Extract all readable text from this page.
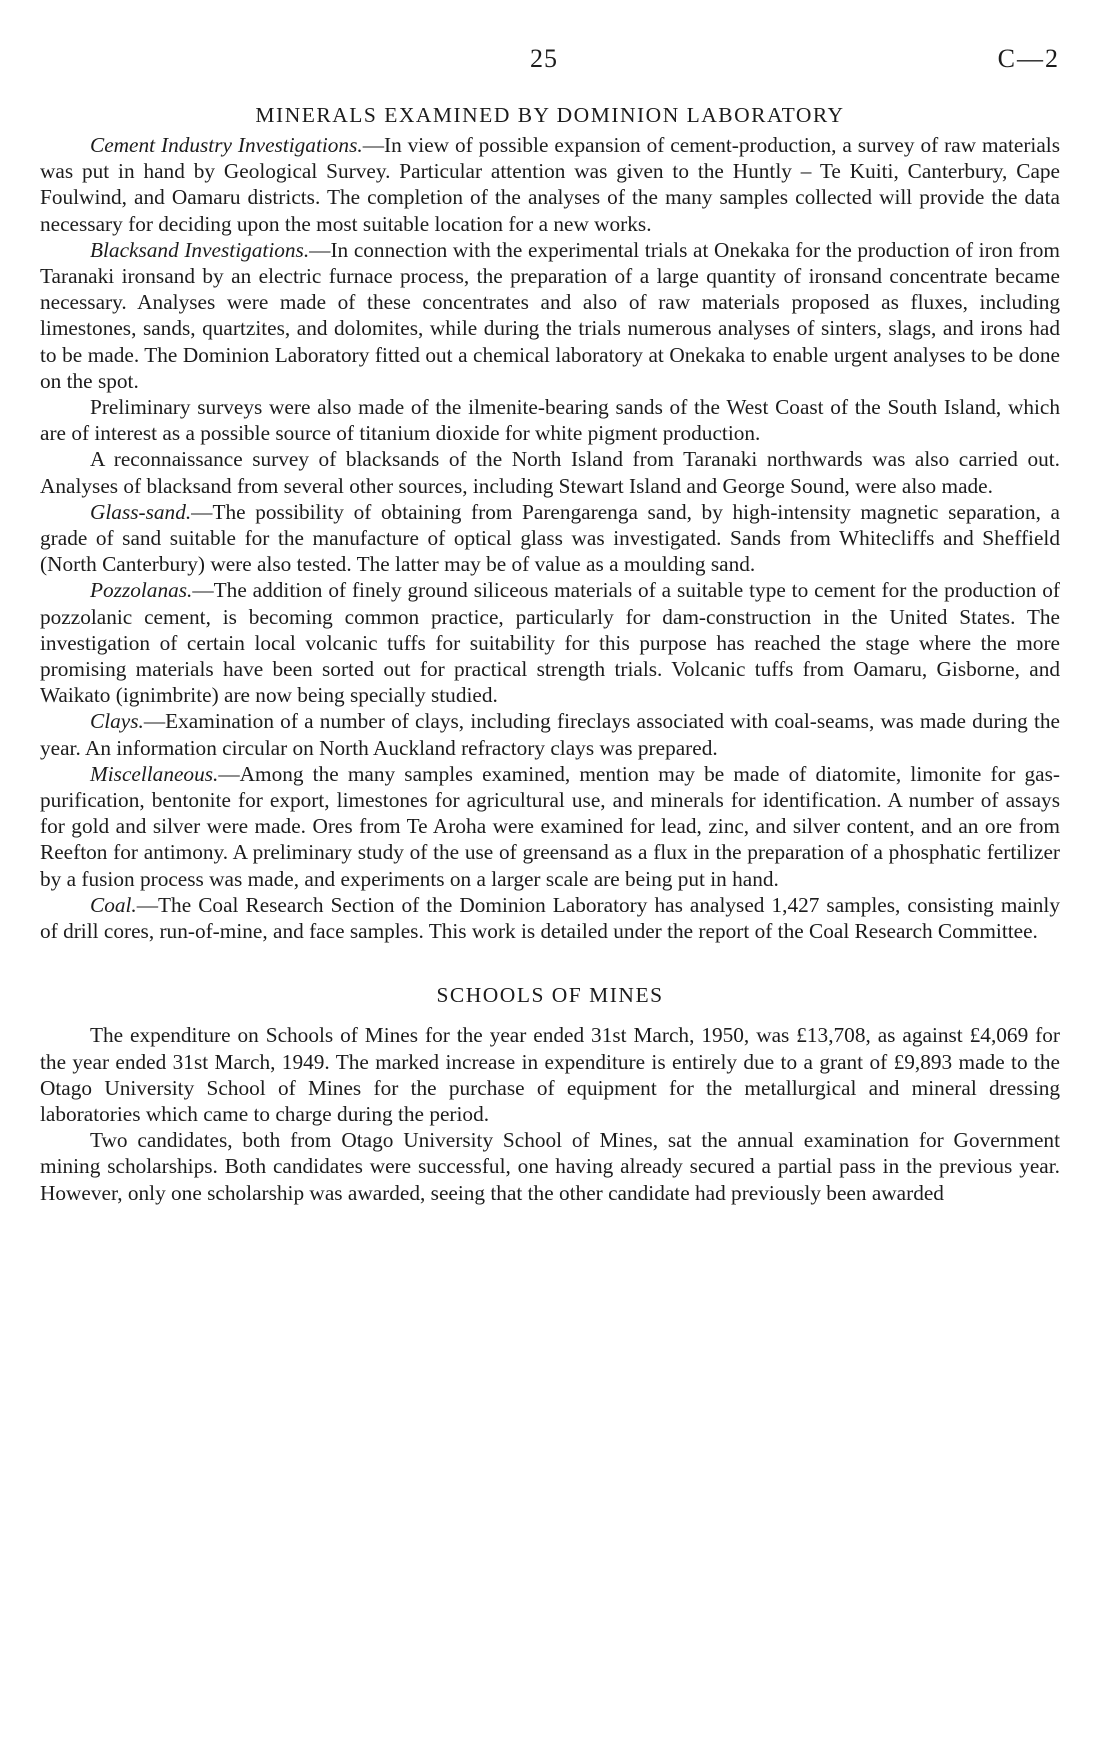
25	C—2
MINERALS EXAMINED BY DOMINION LABORATORY

Cement Industry Investigations.—In view of possible expansion of cement-production, a survey of raw materials was put in hand by Geological Survey. Particular attention was given to the Huntly – Te Kuiti, Canterbury, Cape Foulwind, and Oamaru districts. The completion of the analyses of the many samples collected will provide the data necessary for deciding upon the most suitable location for a new works.

Blacksand Investigations.—In connection with the experimental trials at Onekaka for the production of iron from Taranaki ironsand by an electric furnace process, the preparation of a large quantity of ironsand concentrate became necessary. Analyses were made of these concentrates and also of raw materials proposed as fluxes, including limestones, sands, quartzites, and dolomites, while during the trials numerous analyses of sinters, slags, and irons had to be made. The Dominion Laboratory fitted out a chemical laboratory at Onekaka to enable urgent analyses to be done on the spot.

Preliminary surveys were also made of the ilmenite-bearing sands of the West Coast of the South Island, which are of interest as a possible source of titanium dioxide for white pigment production.

A reconnaissance survey of blacksands of the North Island from Taranaki northwards was also carried out. Analyses of blacksand from several other sources, including Stewart Island and George Sound, were also made.

Glass-sand.—The possibility of obtaining from Parengarenga sand, by high-intensity magnetic separation, a grade of sand suitable for the manufacture of optical glass was investigated. Sands from Whitecliffs and Sheffield (North Canterbury) were also tested. The latter may be of value as a moulding sand.

Pozzolanas.—The addition of finely ground siliceous materials of a suitable type to cement for the production of pozzolanic cement, is becoming common practice, particularly for dam-construction in the United States. The investigation of certain local volcanic tuffs for suitability for this purpose has reached the stage where the more promising materials have been sorted out for practical strength trials. Volcanic tuffs from Oamaru, Gisborne, and Waikato (ignimbrite) are now being specially studied.

Clays.—Examination of a number of clays, including fireclays associated with coal-seams, was made during the year. An information circular on North Auckland refractory clays was prepared.

Miscellaneous.—Among the many samples examined, mention may be made of diatomite, limonite for gas-purification, bentonite for export, limestones for agricultural use, and minerals for identification. A number of assays for gold and silver were made. Ores from Te Aroha were examined for lead, zinc, and silver content, and an ore from Reefton for antimony. A preliminary study of the use of greensand as a flux in the preparation of a phosphatic fertilizer by a fusion process was made, and experiments on a larger scale are being put in hand.

Coal.—The Coal Research Section of the Dominion Laboratory has analysed 1,427 samples, consisting mainly of drill cores, run-of-mine, and face samples. This work is detailed under the report of the Coal Research Committee.

SCHOOLS OF MINES

The expenditure on Schools of Mines for the year ended 31st March, 1950, was £13,708, as against £4,069 for the year ended 31st March, 1949. The marked increase in expenditure is entirely due to a grant of £9,893 made to the Otago University School of Mines for the purchase of equipment for the metallurgical and mineral dressing laboratories which came to charge during the period.

Two candidates, both from Otago University School of Mines, sat the annual examination for Government mining scholarships. Both candidates were successful, one having already secured a partial pass in the previous year. However, only one scholarship was awarded, seeing that the other candidate had previously been awarded
